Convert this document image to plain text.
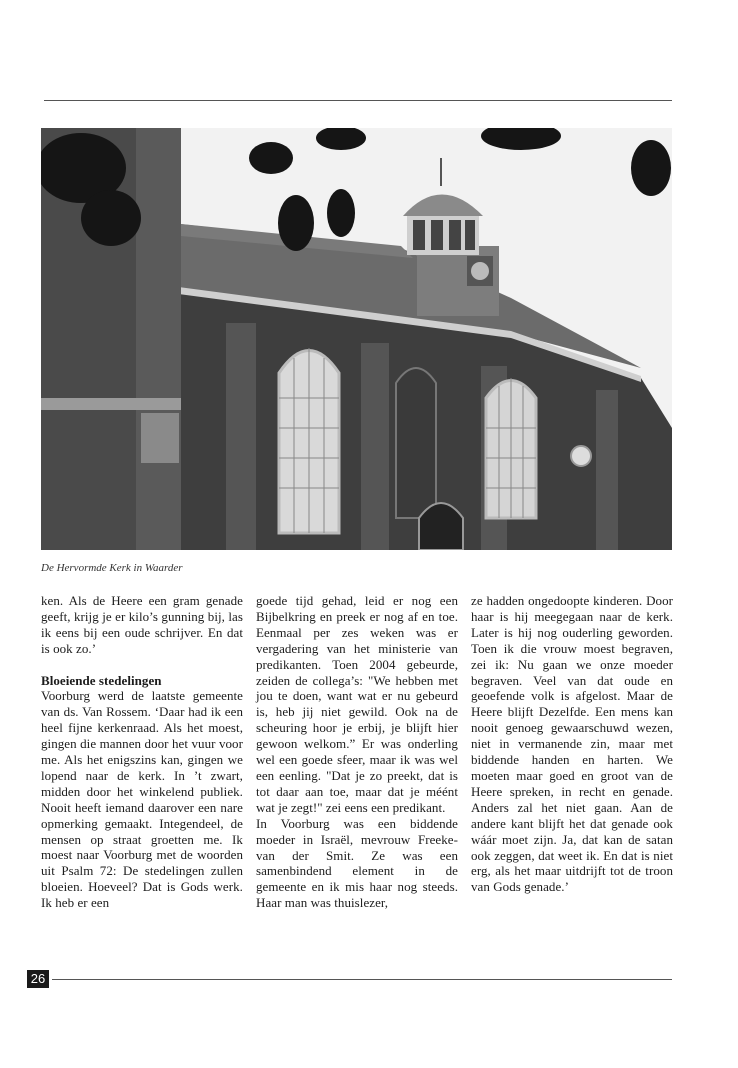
De Hervormde Kerk in Waarder

ken. Als de Heere een gram genade geeft, krijg je er kilo’s gunning bij, las ik eens bij een oude schrijver. En dat is ook zo.’

Bloeiende stedelingen

Voorburg werd de laatste gemeente van ds. Van Rossem. ‘Daar had ik een heel fijne kerkenraad. Als het moest, gingen die mannen door het vuur voor me. Als het enigszins kan, gingen we lopend naar de kerk. In ’t zwart, midden door het winkelend publiek. Nooit heeft iemand daarover een nare opmerking gemaakt. Integendeel, de mensen op straat groetten me. Ik moest naar Voorburg met de woorden uit Psalm 72: De stedelingen zullen bloeien. Hoeveel? Dat is Gods werk. Ik heb er een

goede tijd gehad, leid er nog een Bijbelkring en preek er nog af en toe. Eenmaal per zes weken was er vergadering van het ministerie van predikanten. Toen 2004 gebeurde, zeiden de collega’s: "We hebben met jou te doen, want wat er nu gebeurd is, heb jij niet gewild. Ook na de scheuring hoor je erbij, je blijft hier gewoon welkom.” Er was onderling wel een goede sfeer, maar ik was wel een eenling. "Dat je zo preekt, dat is tot daar aan toe, maar dat je méént wat je zegt!" zei eens een predikant.

In Voorburg was een biddende moeder in Israël, mevrouw Freeke-van der Smit. Ze was een samenbindend element in de gemeente en ik mis haar nog steeds. Haar man was thuislezer,

ze hadden ongedoopte kinderen. Door haar is hij meegegaan naar de kerk. Later is hij nog ouderling geworden. Toen ik die vrouw moest begraven, zei ik: Nu gaan we onze moeder begraven. Veel van dat oude en geoefende volk is afgelost. Maar de Heere blijft Dezelfde. Een mens kan nooit genoeg gewaarschuwd wezen, niet in vermanende zin, maar met biddende handen en harten. We moeten maar goed en groot van de Heere spreken, in recht en genade. Anders zal het niet gaan. Aan de andere kant blijft het dat genade ook wáár moet zijn. Ja, dat kan de satan ook zeggen, dat weet ik. En dat is niet erg, als het maar uitdrijft tot de troon van Gods genade.’

26
